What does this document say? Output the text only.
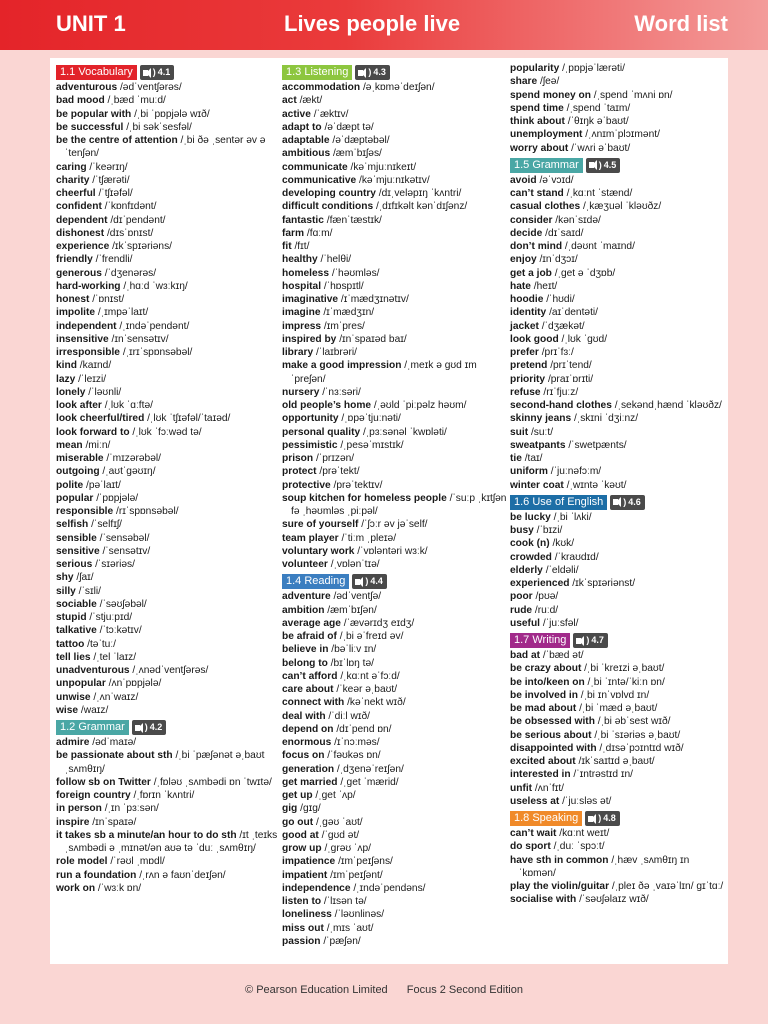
UNIT 1	Lives people live	Word list
1.1 Vocabulary	) 4.1
adventurous /ədˈventʃərəs/
bad mood /ˌbæd ˈmuːd/
be popular with /ˌbi ˈpɒpjələ wɪð/
be successful /ˌbi səkˈsesfəl/
be the centre of attention /ˌbi ðə ˌsentər əv əˈtenʃən/
caring /ˈkeərɪŋ/
charity /ˈtʃærəti/
cheerful /ˈtʃɪəfəl/
confident /ˈkɒnfɪdənt/
dependent /dɪˈpendənt/
dishonest /dɪsˈɒnɪst/
experience /ɪkˈspɪəriəns/
friendly /ˈfrendli/
generous /ˈdʒenərəs/
hard-working /ˌhɑːd ˈwɜːkɪŋ/
honest /ˈɒnɪst/
impolite /ˌɪmpəˈlaɪt/
independent /ˌɪndəˈpendənt/
insensitive /ɪnˈsensətɪv/
irresponsible /ˌɪrɪˈspɒnsəbəl/
kind /kaɪnd/
lazy /ˈleɪzi/
lonely /ˈləʊnli/
look after /ˌlʊk ˈɑːftə/
look cheerful/tired /ˌlʊk ˈtʃɪəfəl/ˈtaɪəd/
look forward to /ˌlʊk ˈfɔːwəd tə/
mean /miːn/
miserable /ˈmɪzərəbəl/
outgoing /ˌaʊtˈɡəʊɪŋ/
polite /pəˈlaɪt/
popular /ˈpɒpjələ/
responsible /rɪˈspɒnsəbəl/
selfish /ˈselfɪʃ/
sensible /ˈsensəbəl/
sensitive /ˈsensətɪv/
serious /ˈsɪəriəs/
shy /ʃaɪ/
silly /ˈsɪli/
sociable /ˈsəʊʃəbəl/
stupid /ˈstjuːpɪd/
talkative /ˈtɔːkətɪv/
tattoo /təˈtuː/
tell lies /ˌtel ˈlaɪz/
unadventurous /ˌʌnədˈventʃərəs/
unpopular /ʌnˈpɒpjələ/
unwise /ˌʌnˈwaɪz/
wise /waɪz/
1.2 Grammar	) 4.2
admire /ədˈmaɪə/
be passionate about sth /ˌbi ˈpæʃənət əˌbaʊt ˌsʌmθɪŋ/
follow sb on Twitter /ˌfɒləʊ ˌsʌmbədi ɒn ˈtwɪtə/
foreign country /ˌfɒrɪn ˈkʌntri/
in person /ˌɪn ˈpɜːsən/
inspire /ɪnˈspaɪə/
it takes sb a minute/an hour to do sth /ɪt ˌteɪks ˌsʌmbədi ə ˌmɪnət/ən aʊə tə ˈduː ˌsʌmθɪŋ/
role model /ˈrəʊl ˌmɒdl/
run a foundation /ˌrʌn ə faʊnˈdeɪʃən/
work on /ˈwɜːk ɒn/
1.3 Listening	) 4.3
accommodation /əˌkɒməˈdeɪʃən/
act /ækt/
active /ˈæktɪv/
adapt to /əˈdæpt tə/
adaptable /əˈdæptəbəl/
ambitious /æmˈbɪʃəs/
communicate /kəˈmjuːnɪkeɪt/
communicative /kəˈmjuːnɪkətɪv/
developing country /dɪˌveləpɪŋ ˈkʌntri/
difficult conditions /ˌdɪfɪkəlt kənˈdɪʃənz/
fantastic /fænˈtæstɪk/
farm /fɑːm/
fit /fɪt/
healthy /ˈhelθi/
homeless /ˈhəʊmləs/
hospital /ˈhɒspɪtl/
imaginative /ɪˈmædʒɪnətɪv/
imagine /ɪˈmædʒɪn/
impress /ɪmˈpres/
inspired by /ɪnˈspaɪəd baɪ/
library /ˈlaɪbrəri/
make a good impression /ˌmeɪk ə ɡʊd ɪmˈpreʃən/
nursery /ˈnɜːsəri/
old people’s home /ˌəʊld ˈpiːpəlz həʊm/
opportunity /ˌɒpəˈtjuːnəti/
personal quality /ˌpɜːsənəl ˈkwɒləti/
pessimistic /ˌpesəˈmɪstɪk/
prison /ˈprɪzən/
protect /prəˈtekt/
protective /prəˈtektɪv/
soup kitchen for homeless people /ˈsuːp ˌkɪtʃən fə ˌhəʊmləs ˌpiːpəl/
sure of yourself /ˈʃɔːr əv jəˈself/
team player /ˈtiːm ˌpleɪə/
voluntary work /ˈvɒləntəri wɜːk/
volunteer /ˌvɒlənˈtɪə/
1.4 Reading	) 4.4
adventure /ədˈventʃə/
ambition /æmˈbɪʃən/
average age /ˈævərɪdʒ eɪdʒ/
be afraid of /ˌbi əˈfreɪd əv/
believe in /bəˈliːv ɪn/
belong to /bɪˈlɒŋ tə/
can’t afford /ˌkɑːnt əˈfɔːd/
care about /ˈkeər əˌbaʊt/
connect with /kəˈnekt wɪð/
deal with /ˈdiːl wɪð/
depend on /dɪˈpend ɒn/
enormous /ɪˈnɔːməs/
focus on /ˈfəʊkəs ɒn/
generation /ˌdʒenəˈreɪʃən/
get married /ˌɡet ˈmærid/
get up /ˌɡet ˈʌp/
gig /ɡɪɡ/
go out /ˌɡəʊ ˈaʊt/
good at /ˈɡʊd ət/
grow up /ˌɡrəʊ ˈʌp/
impatience /ɪmˈpeɪʃəns/
impatient /ɪmˈpeɪʃənt/
independence /ˌɪndəˈpendəns/
listen to /ˈlɪsən tə/
loneliness /ˈləʊnlinəs/
miss out /ˌmɪs ˈaʊt/
passion /ˈpæʃən/
popularity /ˌpɒpjəˈlærəti/
share /ʃeə/
spend money on /ˌspend ˈmʌni ɒn/
spend time /ˌspend ˈtaɪm/
think about /ˈθɪŋk əˈbaʊt/
unemployment /ˌʌnɪmˈplɔɪmənt/
worry about /ˈwʌri əˈbaʊt/
1.5 Grammar	) 4.5
avoid /əˈvɔɪd/
can’t stand /ˌkɑːnt ˈstænd/
casual clothes /ˌkæʒuəl ˈkləʊðz/
consider /kənˈsɪdə/
decide /dɪˈsaɪd/
don’t mind /ˌdəʊnt ˈmaɪnd/
enjoy /ɪnˈdʒɔɪ/
get a job /ˌɡet ə ˈdʒɒb/
hate /heɪt/
hoodie /ˈhʊdi/
identity /aɪˈdentəti/
jacket /ˈdʒækət/
look good /ˌlʊk ˈɡʊd/
prefer /prɪˈfɜː/
pretend /prɪˈtend/
priority /praɪˈɒrɪti/
refuse /rɪˈfjuːz/
second-hand clothes /ˌsekəndˌhænd ˈkləʊðz/
skinny jeans /ˌskɪni ˈdʒiːnz/
suit /suːt/
sweatpants /ˈswetpænts/
tie /taɪ/
uniform /ˈjuːnəfɔːm/
winter coat /ˌwɪntə ˈkəʊt/
1.6 Use of English	) 4.6
be lucky /ˌbi ˈlʌki/
busy /ˈbɪzi/
cook (n) /kʊk/
crowded /ˈkraʊdɪd/
elderly /ˈeldəli/
experienced /ɪkˈspɪəriənst/
poor /pʊə/
rude /ruːd/
useful /ˈjuːsfəl/
1.7 Writing	) 4.7
bad at /ˈbæd ət/
be crazy about /ˌbi ˈkreɪzi əˌbaʊt/
be into/keen on /ˌbi ˈɪntə/ˈkiːn ɒn/
be involved in /ˌbi ɪnˈvɒlvd ɪn/
be mad about /ˌbi ˈmæd əˌbaʊt/
be obsessed with /ˌbi əbˈsest wɪð/
be serious about /ˌbi ˈsɪəriəs əˌbaʊt/
disappointed with /ˌdɪsəˈpɔɪntɪd wɪð/
excited about /ɪkˈsaɪtɪd əˌbaʊt/
interested in /ˈɪntrəstɪd ɪn/
unfit /ʌnˈfɪt/
useless at /ˈjuːsləs ət/
1.8 Speaking	) 4.8
can’t wait /kɑːnt weɪt/
do sport /ˌduː ˈspɔːt/
have sth in common /ˌhæv ˌsʌmθɪŋ ɪn ˈkɒmən/
play the violin/guitar /ˌpleɪ ðə ˌvaɪəˈlɪn/ ɡɪˈtɑː/
socialise with /ˈsəʊʃəlaɪz wɪð/
© Pearson Education Limited Focus 2 Second Edition
